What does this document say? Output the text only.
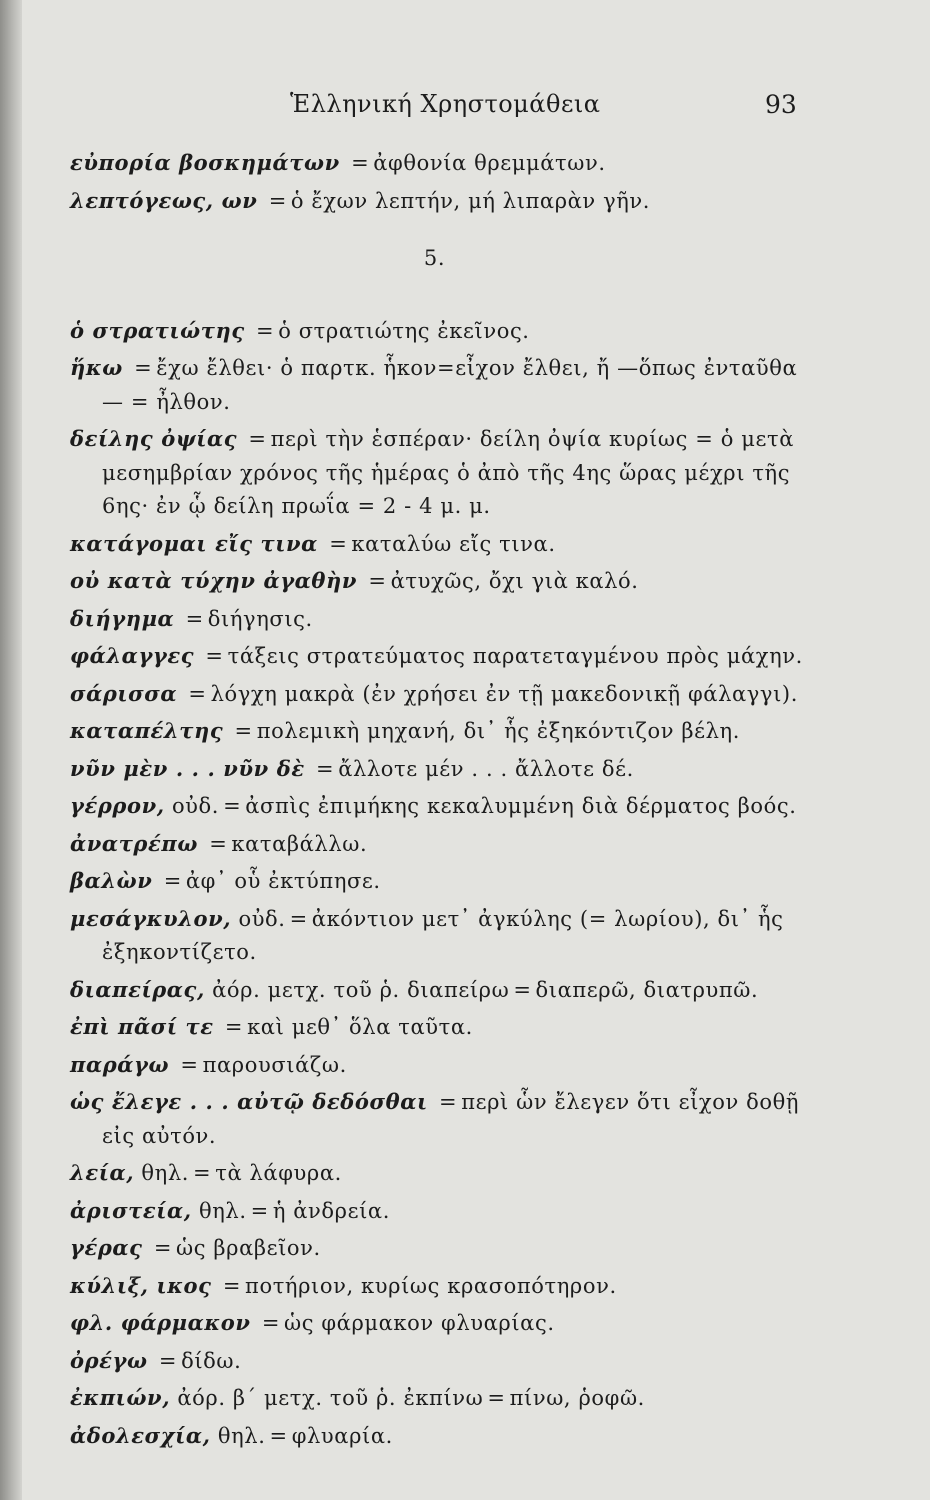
Ἑλληνική Χρηστομάθεια	93
εὐπορία βοσκημάτων = ἀφθονία θρεμμάτων.
λεπτόγεως, ων = ὁ ἔχων λεπτήν, μή λιπαρὰν γῆν.
5.
ὁ στρατιώτης = ὁ στρατιώτης ἐκεῖνος.
ἥκω = ἔχω ἔλθει· ὁ παρτκ. ἧκον=εἶχον ἔλθει, ἤ —ὅπως ἐνταῦθα— = ἦλθον.
δείλης ὀψίας = περὶ τὴν ἑσπέραν· δείλη ὀψία κυρίως = ὁ μετὰ μεσημβρίαν χρόνος τῆς ἡμέρας ὁ ἀπὸ τῆς 4ης ὥρας μέχρι τῆς 6ης· ἐν ᾧ δείλη πρωΐα = 2 - 4 μ. μ.
κατάγομαι εἴς τινα = καταλύω εἴς τινα.
οὐ κατὰ τύχην ἀγαθὴν = ἀτυχῶς, ὄχι γιὰ καλό.
διήγημα = διήγησις.
φάλαγγες = τάξεις στρατεύματος παρατεταγμένου πρὸς μάχην.
σάρισσα = λόγχη μακρὰ (ἐν χρήσει ἐν τῇ μακεδονικῇ φάλαγγι).
καταπέλτης = πολεμικὴ μηχανή, δι᾽ ἧς ἐξηκόντιζον βέλη.
νῦν μὲν . . . νῦν δὲ = ἄλλοτε μέν . . . ἄλλοτε δέ.
γέρρον, οὐδ. = ἀσπὶς ἐπιμήκης κεκαλυμμένη διὰ δέρματος βοός.
ἀνατρέπω = καταβάλλω.
βαλὼν = ἀφ᾽ οὗ ἐκτύπησε.
μεσάγκυλον, οὐδ. = ἀκόντιον μετ᾽ ἀγκύλης (= λωρίου), δι᾽ ἧς ἐξηκοντίζετο.
διαπείρας, ἀόρ. μετχ. τοῦ ῥ. διαπείρω = διαπερῶ, διατρυπῶ.
ἐπὶ πᾶσί τε = καὶ μεθ᾽ ὅλα ταῦτα.
παράγω = παρουσιάζω.
ὡς ἔλεγε . . . αὐτῷ δεδόσθαι = περὶ ὧν ἔλεγεν ὅτι εἶχον δοθῇ εἰς αὐτόν.
λεία, θηλ. = τὰ λάφυρα.
ἀριστεία, θηλ. = ἡ ἀνδρεία.
γέρας = ὡς βραβεῖον.
κύλιξ, ικος = ποτήριον, κυρίως κρασοπότηρον.
φλ. φάρμακον = ὡς φάρμακον φλυαρίας.
ὀρέγω = δίδω.
ἐκπιών, ἀόρ. β΄ μετχ. τοῦ ῥ. ἐκπίνω = πίνω, ῥοφῶ.
ἀδολεσχία, θηλ. = φλυαρία.
